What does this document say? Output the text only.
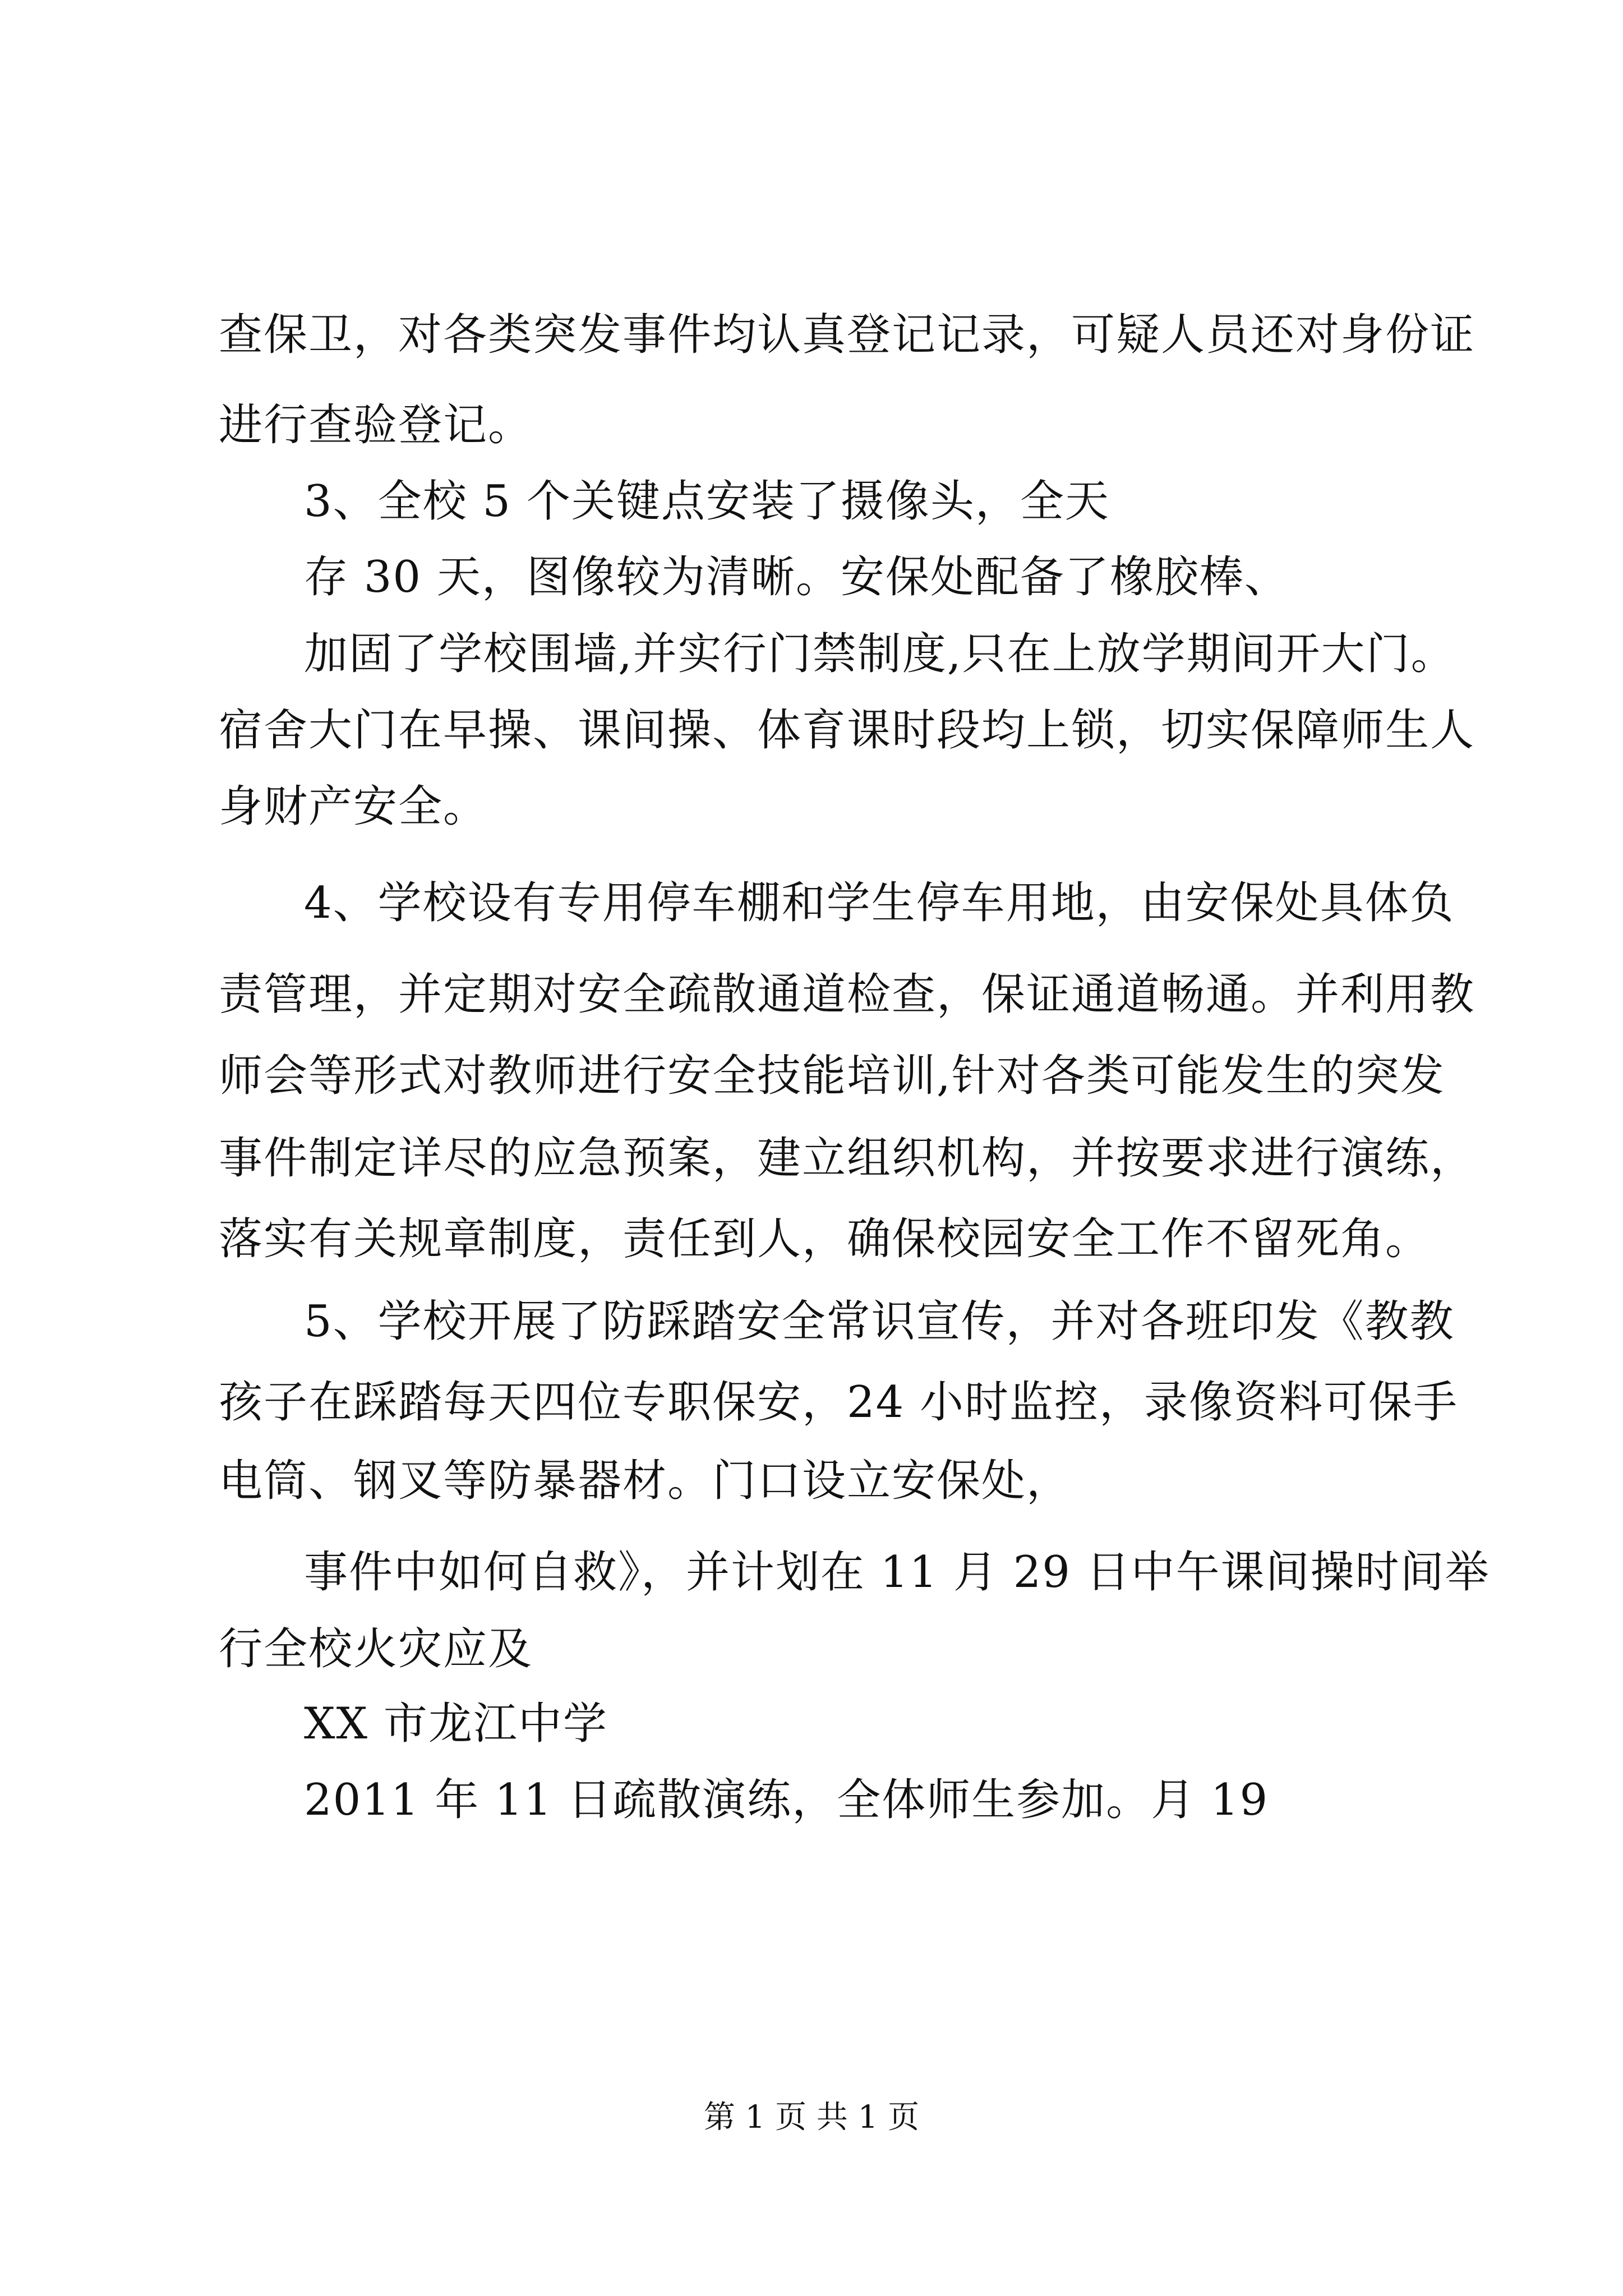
查保卫，对各类突发事件均认真登记记录，可疑人员还对身份证
进行查验登记。
3、全校 5 个关键点安装了摄像头，全天
存 30 天，图像较为清晰。安保处配备了橡胶棒、
加固了学校围墙,并实行门禁制度,只在上放学期间开大门。
宿舍大门在早操、课间操、体育课时段均上锁，切实保障师生人
身财产安全。
4、学校设有专用停车棚和学生停车用地，由安保处具体负
责管理，并定期对安全疏散通道检查，保证通道畅通。并利用教
师会等形式对教师进行安全技能培训,针对各类可能发生的突发
事件制定详尽的应急预案，建立组织机构，并按要求进行演练，
落实有关规章制度，责任到人，确保校园安全工作不留死角。
5、学校开展了防踩踏安全常识宣传，并对各班印发《教教
孩子在踩踏每天四位专职保安，24 小时监控，录像资料可保手
电筒、钢叉等防暴器材。门口设立安保处，
事件中如何自救》，并计划在 11 月 29 日中午课间操时间举
行全校火灾应及
XX 市龙江中学
2011 年 11 日疏散演练，全体师生参加。月 19
第 1 页 共 1 页
